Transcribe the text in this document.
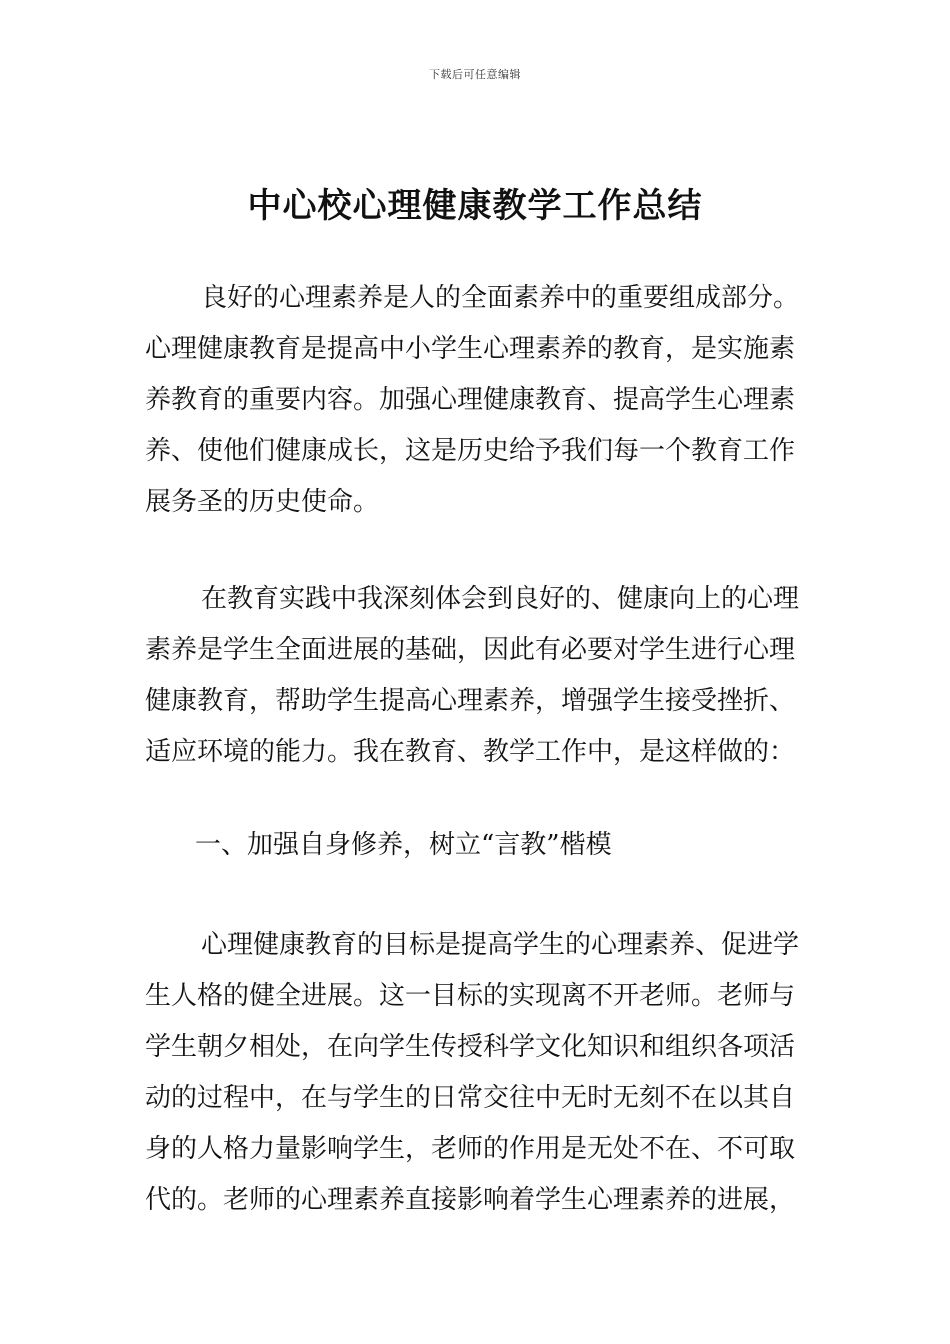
下载后可任意编辑
中心校心理健康教学工作总结
良好的心理素养是人的全面素养中的重要组成部分。
心理健康教育是提高中小学生心理素养的教育，是实施素
养教育的重要内容。加强心理健康教育、提高学生心理素
养、使他们健康成长，这是历史给予我们每一个教育工作
展务圣的历史使命。
在教育实践中我深刻体会到良好的、健康向上的心理
素养是学生全面进展的基础，因此有必要对学生进行心理
健康教育，帮助学生提高心理素养，增强学生接受挫折、
适应环境的能力。我在教育、教学工作中，是这样做的：
一、加强自身修养，树立“言教”楷模
心理健康教育的目标是提高学生的心理素养、促进学
生人格的健全进展。这一目标的实现离不开老师。老师与
学生朝夕相处，在向学生传授科学文化知识和组织各项活
动的过程中，在与学生的日常交往中无时无刻不在以其自
身的人格力量影响学生，老师的作用是无处不在、不可取
代的。老师的心理素养直接影响着学生心理素养的进展，
